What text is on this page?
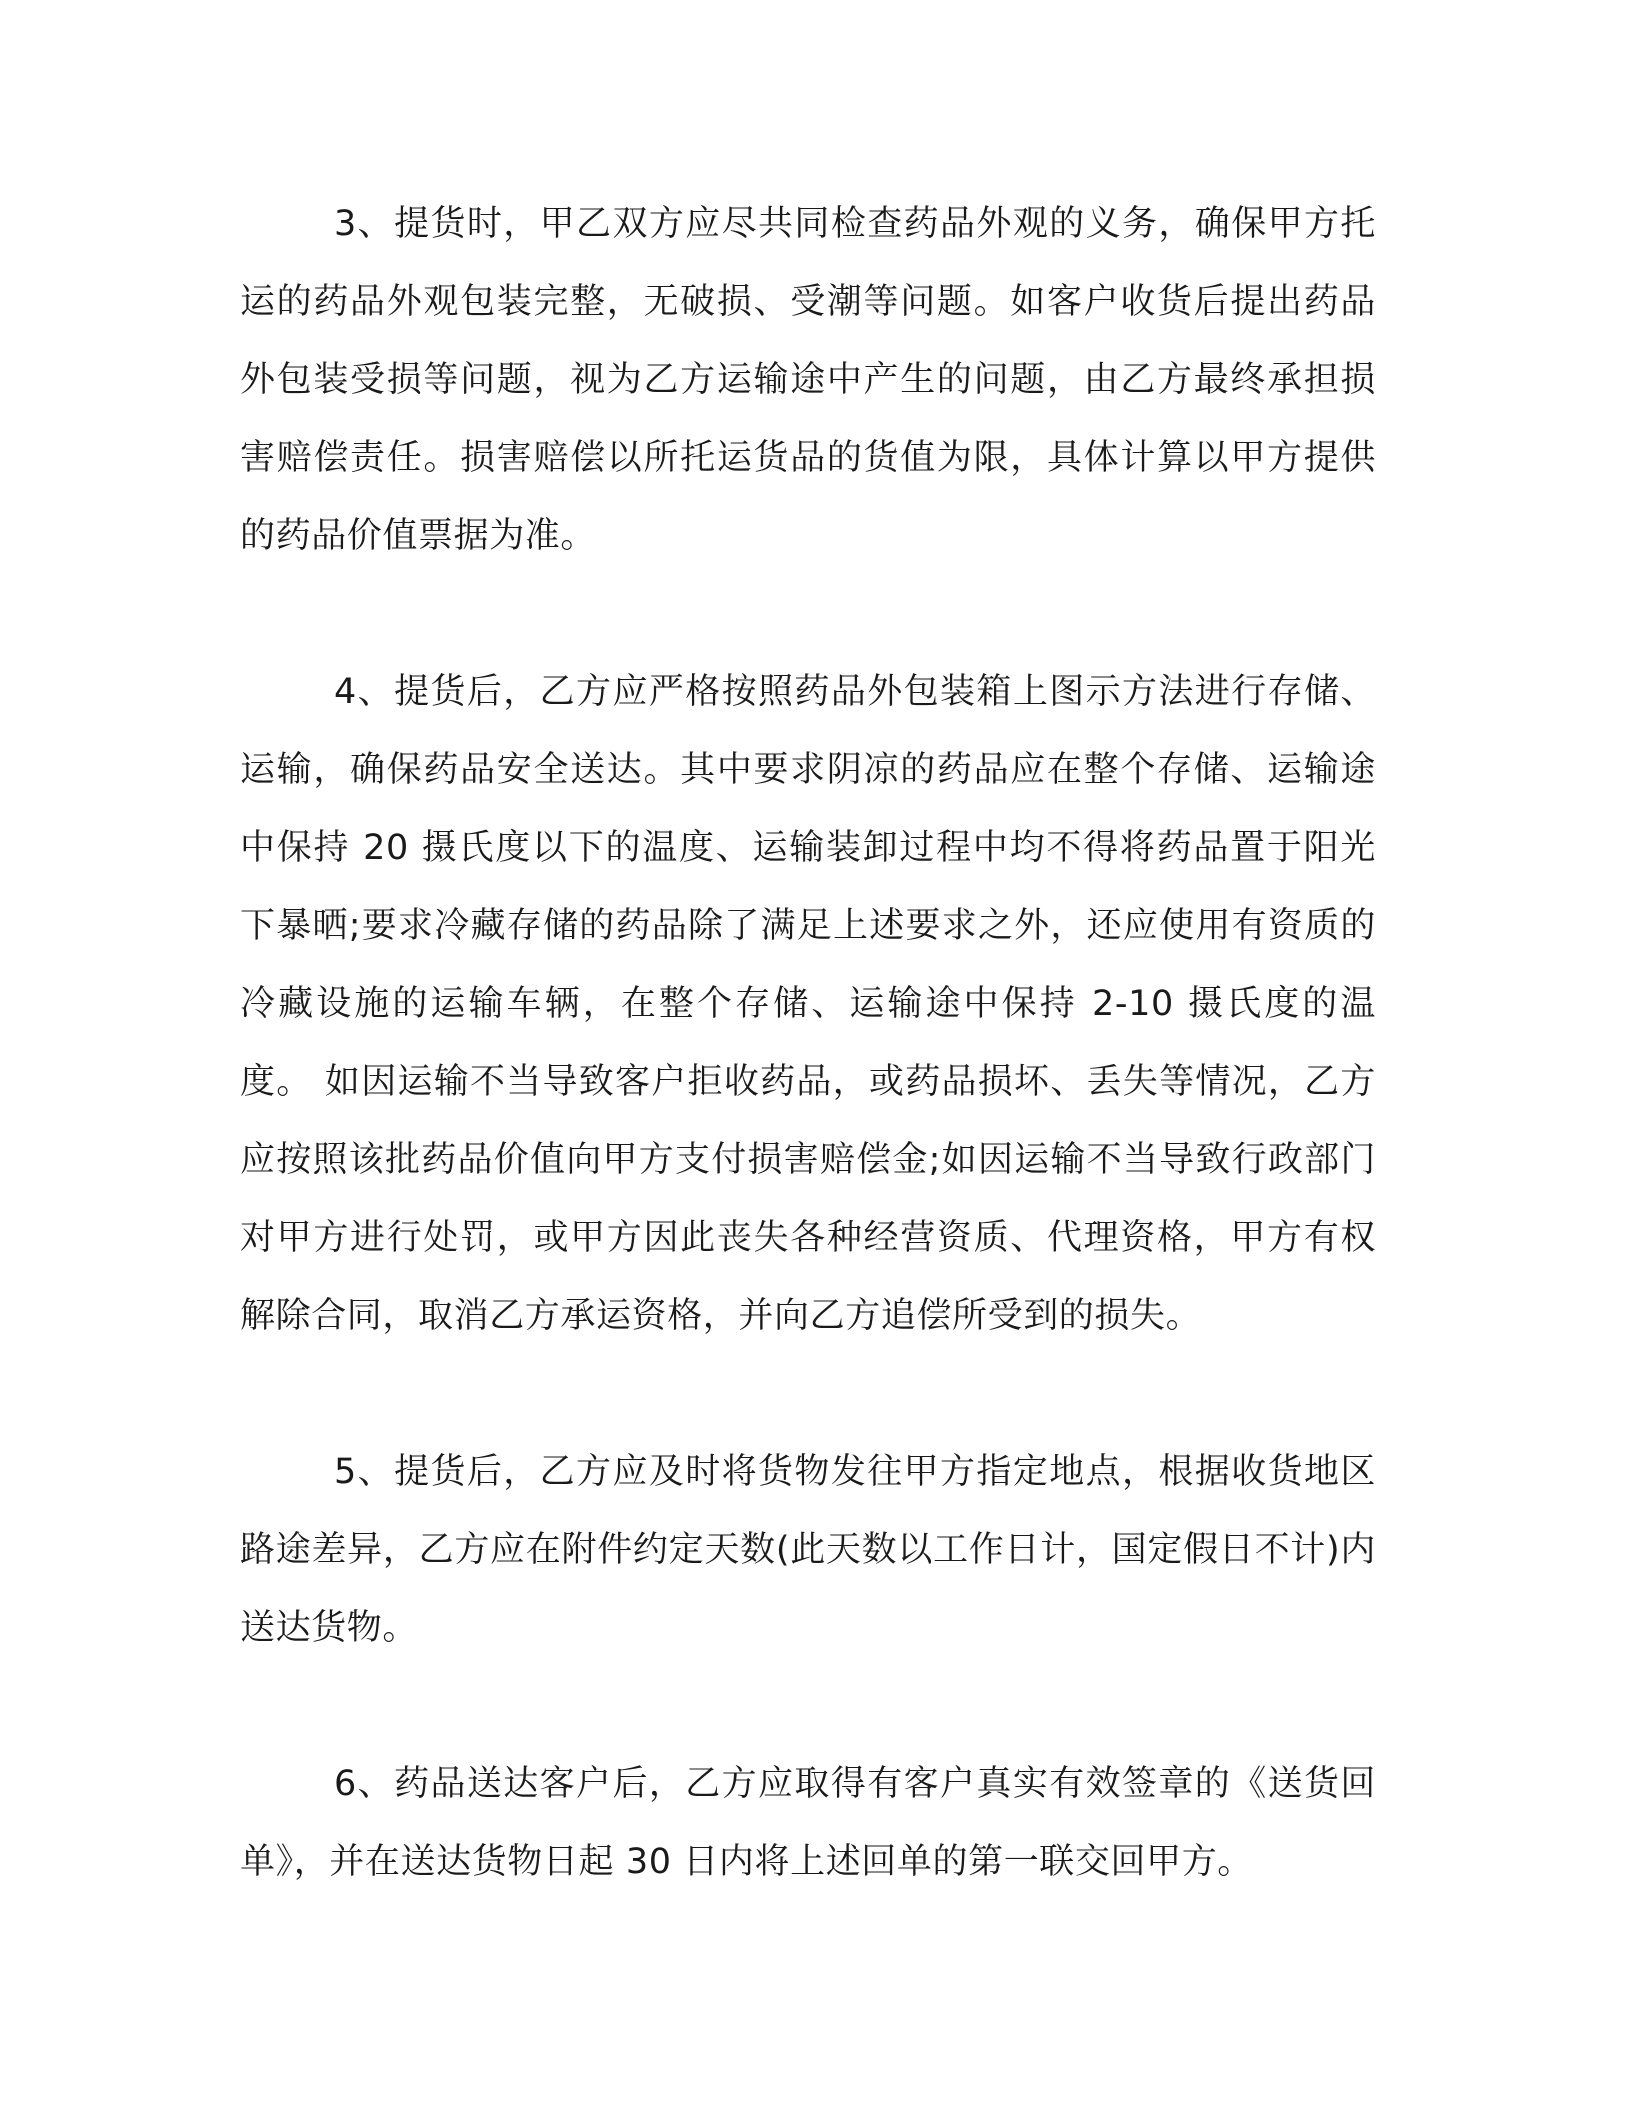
3、提货时，甲乙双方应尽共同检查药品外观的义务，确保甲方托运的药品外观包装完整，无破损、受潮等问题。如客户收货后提出药品外包装受损等问题，视为乙方运输途中产生的问题，由乙方最终承担损害赔偿责任。损害赔偿以所托运货品的货值为限，具体计算以甲方提供的药品价值票据为准。

4、提货后，乙方应严格按照药品外包装箱上图示方法进行存储、运输，确保药品安全送达。其中要求阴凉的药品应在整个存储、运输途中保持 20 摄氏度以下的温度、运输装卸过程中均不得将药品置于阳光下暴晒;要求冷藏存储的药品除了满足上述要求之外，还应使用有资质的冷藏设施的运输车辆，在整个存储、运输途中保持 2-10 摄氏度的温度。 如因运输不当导致客户拒收药品，或药品损坏、丢失等情况，乙方应按照该批药品价值向甲方支付损害赔偿金;如因运输不当导致行政部门对甲方进行处罚，或甲方因此丧失各种经营资质、代理资格，甲方有权解除合同，取消乙方承运资格，并向乙方追偿所受到的损失。

5、提货后，乙方应及时将货物发往甲方指定地点，根据收货地区路途差异，乙方应在附件约定天数(此天数以工作日计，国定假日不计)内送达货物。

6、药品送达客户后，乙方应取得有客户真实有效签章的《送货回单》，并在送达货物日起 30 日内将上述回单的第一联交回甲方。
